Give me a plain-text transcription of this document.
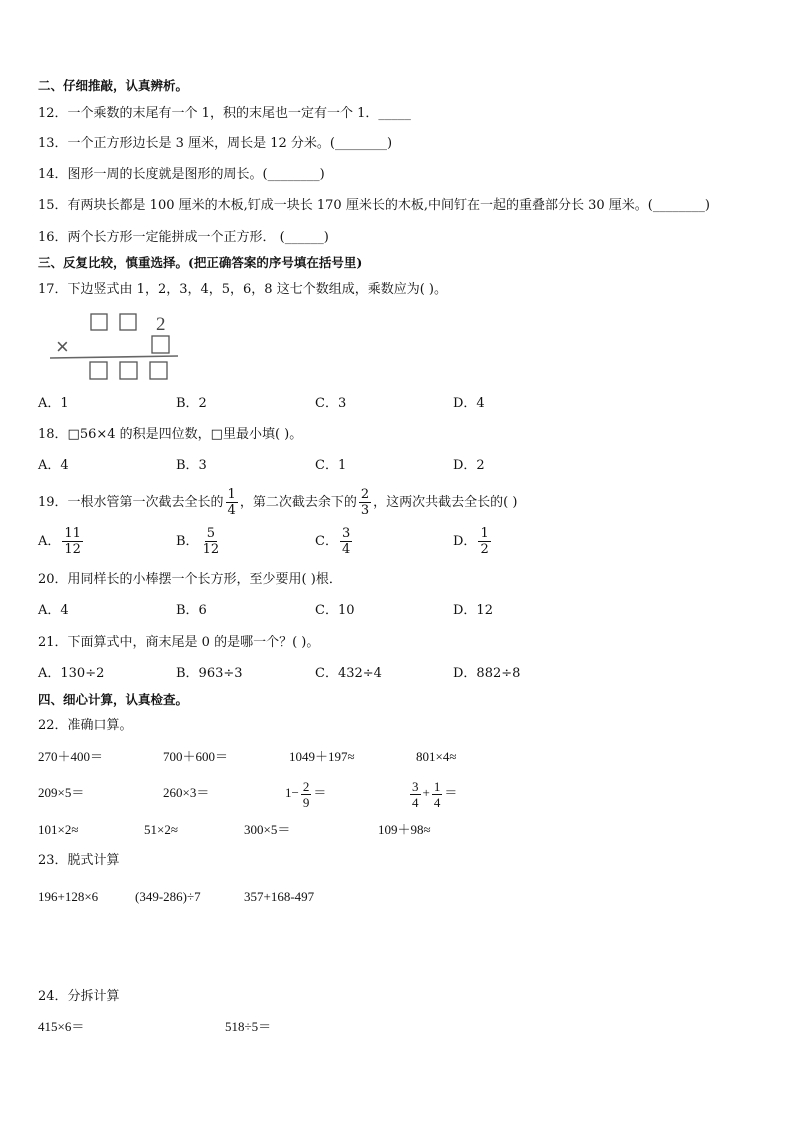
二、仔细推敲，认真辨析。
12．一个乘数的末尾有一个 1，积的末尾也一定有一个 1．_____
13．一个正方形边长是 3 厘米，周长是 12 分米。(________)
14．图形一周的长度就是图形的周长。(________)
15．有两块长都是 100 厘米的木板,钉成一块长 170 厘米长的木板,中间钉在一起的重叠部分长 30 厘米。(________)
16．两个长方形一定能拼成一个正方形． (______)
三、反复比较，慎重选择。(把正确答案的序号填在括号里)
17．下边竖式由 1，2，3，4，5，6，8 这七个数组成，乘数应为( )。
2
×
A．1	B．2	C．3	D．4
18．□56×4 的积是四位数，□里最小填( )。
A．4	B．3	C．1	D．2
19．一根水管第一次截去全长的 $\frac{1}{4}$ ，第二次截去余下的 $\frac{2}{3}$ ，这两次共截去全长的( )
A． $\frac{11}{12}$	B． $\frac{5}{12}$	C． $\frac{3}{4}$	D． $\frac{1}{2}$
20．用同样长的小棒摆一个长方形，至少要用( )根．
A．4	B．6	C．10	D．12
21．下面算式中，商末尾是 0 的是哪一个？( )。
A．130÷2	B．963÷3	C．432÷4	D．882÷8
四、细心计算，认真检查。
22．准确口算。
270＋400＝	700＋600＝	1049＋197≈	801×4≈
209×5＝	260×3＝	$1- \frac{2}{9}$ ＝	$\frac{3}{4} + \frac{1}{4}$ ＝
101×2≈	51×2≈	300×5＝	109＋98≈
23．脱式计算
196+128×6	(349-286)÷7	357+168-497
24．分拆计算
415×6＝	518÷5＝
